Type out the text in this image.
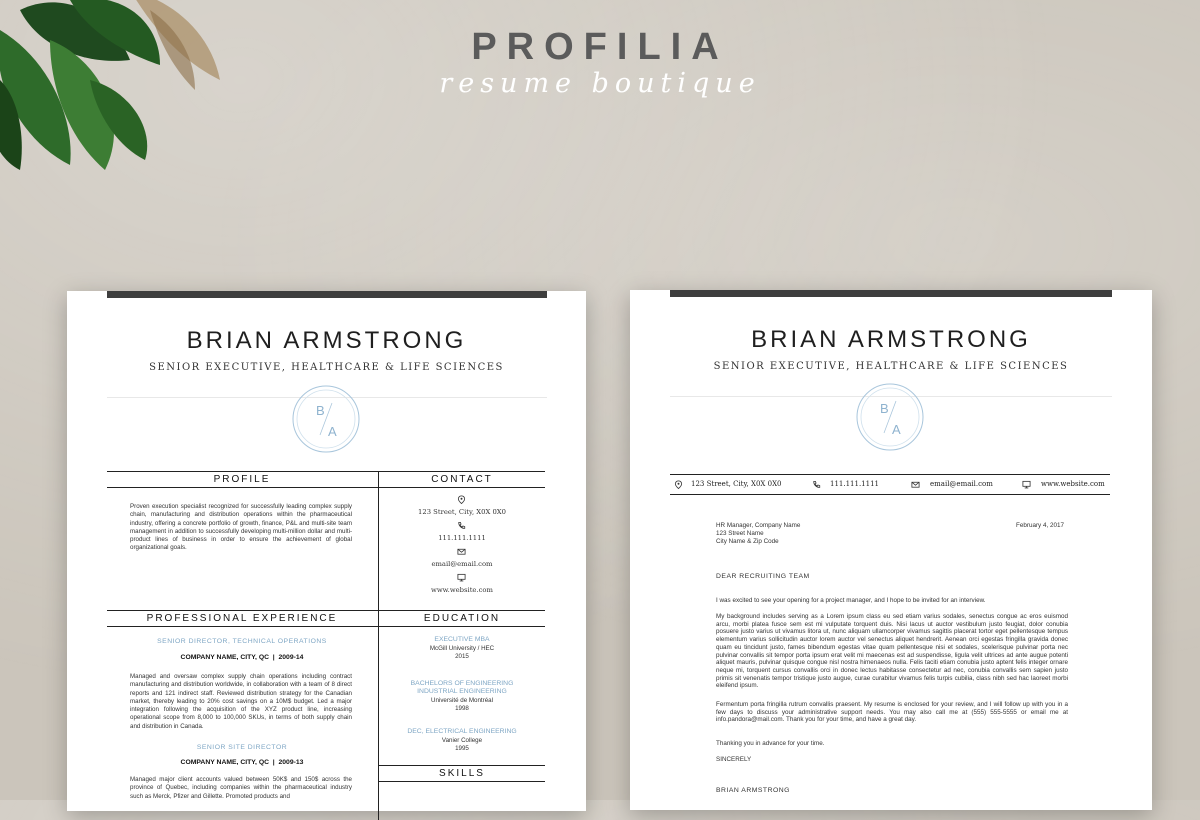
PROFILIA
resume boutique
BRIAN ARMSTRONG
SENIOR EXECUTIVE, HEALTHCARE & LIFE SCIENCES
B
A
PROFILE	CONTACT
Proven execution specialist recognized for successfully leading complex supply chain, manufacturing and distribution operations within the pharmaceutical industry, offering a concrete portfolio of growth, finance, P&L and multi-site team management in addition to successfully developing multi-million dollar and multi-product lines of business in order to ensure the achievement of global organizational goals.
123 Street, City, X0X 0X0
111.111.1111
email@email.com
www.website.com
PROFESSIONAL EXPERIENCE	EDUCATION
SENIOR DIRECTOR, TECHNICAL OPERATIONS
COMPANY NAME, CITY, QC  |  2009-14
Managed and oversaw complex supply chain operations including contract manufacturing and distribution worldwide, in collaboration with a team of 8 direct reports and 121 indirect staff. Reviewed distribution strategy for the Canadian market, thereby leading to 20% cost savings on a 10M$ budget. Led a major integration following the acquisition of the XYZ product line, increasing operational scope from 8,000 to 100,000 SKUs, in terms of both supply chain and distribution in Canada.
SENIOR SITE DIRECTOR
COMPANY NAME, CITY, QC  |  2009-13
Managed major client accounts valued between 50K$ and 150$ across the province of Quebec, including companies within the pharmaceutical industry such as Merck, Pfizer and Gillette. Promoted products and
EXECUTIVE MBA
McGill University / HEC
2015
BACHELORS OF ENGINEERING INDUSTRIAL ENGINEERING
Université de Montréal
1998
DEC, ELECTRICAL ENGINEERING
Vanier College
1995
SKILLS
BRIAN ARMSTRONG
SENIOR EXECUTIVE, HEALTHCARE & LIFE SCIENCES
B
A
123 Street, City, X0X 0X0	111.111.1111	email@email.com	www.website.com
HR Manager, Company Name
123 Street Name
City Name & Zip Code
February 4, 2017
DEAR RECRUITING TEAM
I was excited to see your opening for a project manager, and I hope to be invited for an interview.
My background includes serving as a Lorem ipsum class eu sed etiam varius sodales, senectus congue ac eros euismod arcu, morbi platea fusce sem est mi vulputate torquent duis. Nisi lacus ut auctor vestibulum justo feugiat, dolor conubia posuere justo varius ut vivamus litora ut, nunc aliquam ullamcorper vivamus sagittis placerat tortor eget pellentesque tempus elementum varius sollicitudin auctor lorem auctor vel senectus aliquet hendrerit. Aenean orci egestas fringilla gravida donec quam eu tincidunt justo, fames bibendum egestas vitae quam pellentesque nisi et sodales, scelerisque pulvinar porta nec pulvinar convallis sit tempor porta ipsum erat velit mi maecenas est ad suspendisse, ligula velit ultrices ad ante augue potenti aliquet mauris, pulvinar quisque congue nisl nostra himenaeos nulla. Felis taciti etiam conubia justo aptent felis integer ornare neque mi, torquent cursus convallis orci in donec lectus habitasse consectetur ad nec, conubia convallis sem sapien justo primis sit venenatis tempor tristique justo augue, curae curabitur vivamus felis turpis cubilia, class nibh sed hac laoreet morbi eleifend ipsum.
Fermentum porta fringilla rutrum convallis praesent. My resume is enclosed for your review, and I will follow up with you in a few days to discuss your administrative support needs. You may also call me at (555) 555-5555 or email me at info.pandora@mail.com. Thank you for your time, and have a great day.
Thanking you in advance for your time.
SINCERELY
BRIAN ARMSTRONG
